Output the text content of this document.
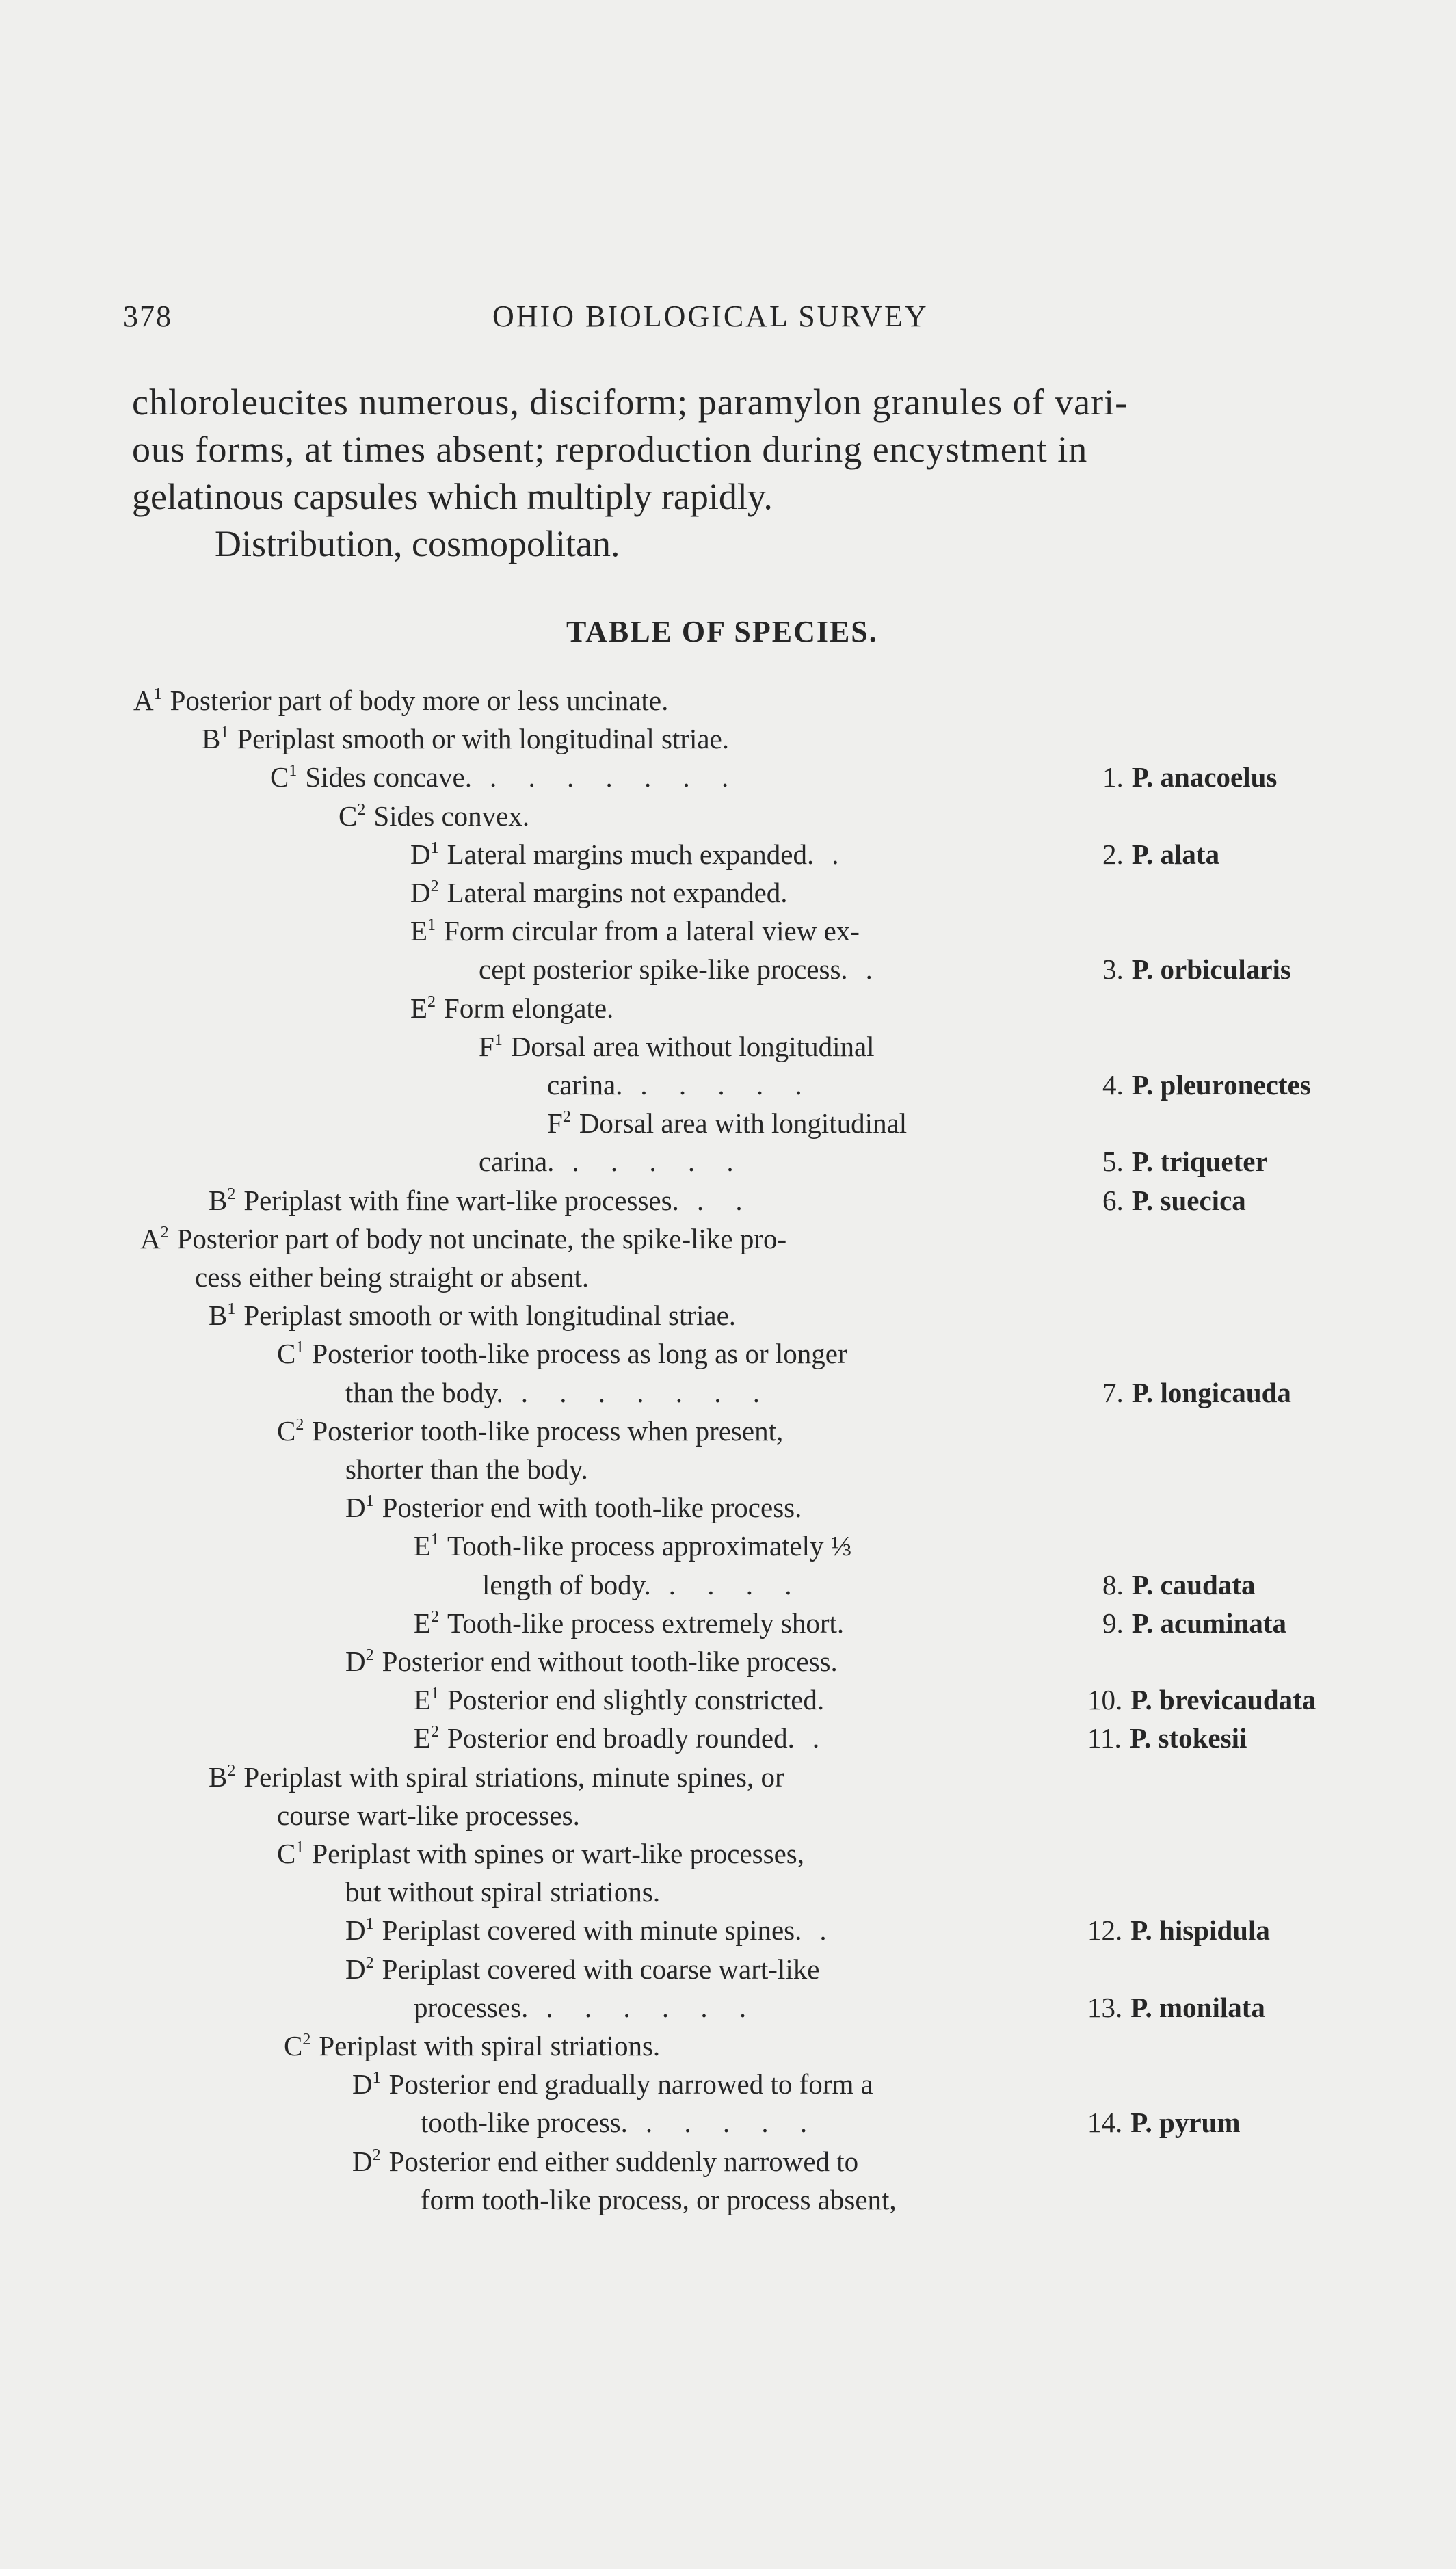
378	OHIO BIOLOGICAL SURVEY
chloroleucites numerous, disciform; paramylon granules of vari-
ous forms, at times absent; reproduction during encystment in
gelatinous capsules which multiply rapidly.
Distribution, cosmopolitan.
TABLE OF SPECIES.
$A^1$ Posterior part of body more or less uncinate.
$B^1$ Periplast smooth or with longitudinal striae.
$C^1$ Sides concave. . . . . . . .	1. P. anacoelus
$C^2$ Sides convex.
$D^1$ Lateral margins much expanded. .	2. P. alata
$D^2$ Lateral margins not expanded.
$E^1$ Form circular from a lateral view ex-
cept posterior spike-like process. .	3. P. orbicularis
$E^2$ Form elongate.
$F^1$ Dorsal area without longitudinal
carina. . . . . .	4. P. pleuronectes
$F^2$ Dorsal area with longitudinal
carina. . . . . .	5. P. triqueter
$B^2$ Periplast with fine wart-like processes. . .	6. P. suecica
$A^2$ Posterior part of body not uncinate, the spike-like pro-
cess either being straight or absent.
$B^1$ Periplast smooth or with longitudinal striae.
$C^1$ Posterior tooth-like process as long as or longer
than the body. . . . . . . .	7. P. longicauda
$C^2$ Posterior tooth-like process when present,
shorter than the body.
$D^1$ Posterior end with tooth-like process.
$E^1$ Tooth-like process approximately ⅓
length of body. . . . .	8. P. caudata
$E^2$ Tooth-like process extremely short.	9. P. acuminata
$D^2$ Posterior end without tooth-like process.
$E^1$ Posterior end slightly constricted.	10. P. brevicaudata
$E^2$ Posterior end broadly rounded. .	11. P. stokesii
$B^2$ Periplast with spiral striations, minute spines, or
course wart-like processes.
$C^1$ Periplast with spines or wart-like processes,
but without spiral striations.
$D^1$ Periplast covered with minute spines. .	12. P. hispidula
$D^2$ Periplast covered with coarse wart-like
processes. . . . . . .	13. P. monilata
$C^2$ Periplast with spiral striations.
$D^1$ Posterior end gradually narrowed to form a
tooth-like process. . . . . .	14. P. pyrum
$D^2$ Posterior end either suddenly narrowed to
form tooth-like process, or process absent,
